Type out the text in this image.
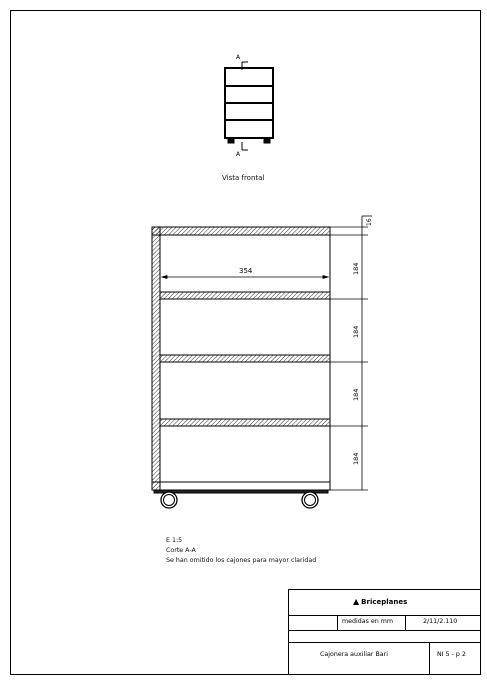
A
A
354
16
184
184
184
184
Vista frontal
E 1:5
Corte A-A
Se han omitido los cajones para mayor claridad
▲ Briceplanes
medidas en mm	2/11/2.110
Cajonera auxiliar Bari	NI 5 - p 2
